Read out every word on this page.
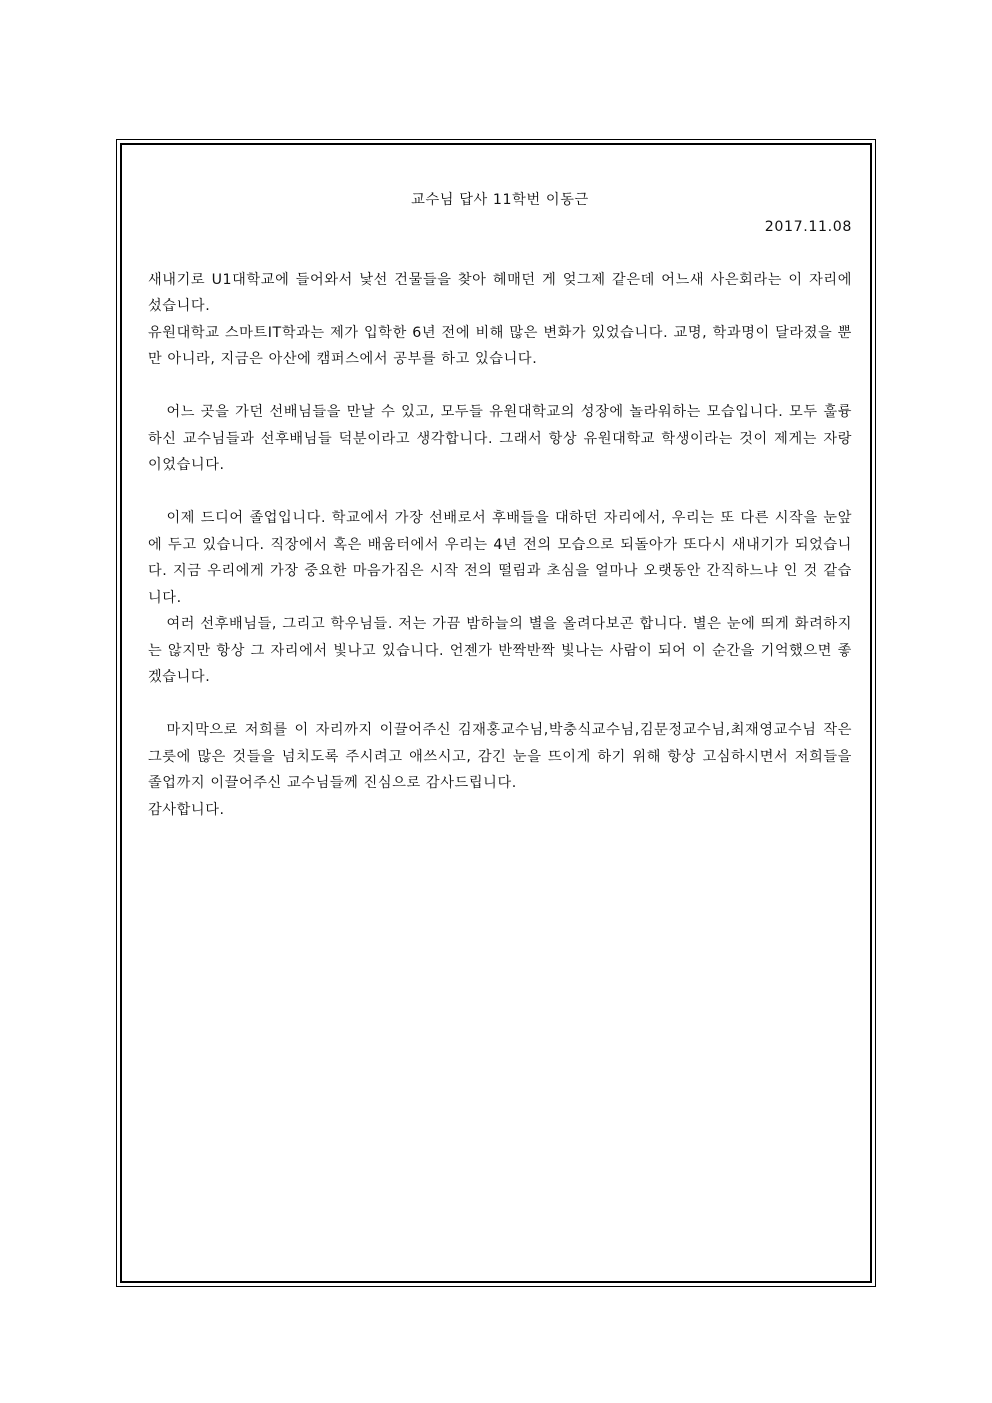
교수님 답사 11학번 이동근

2017.11.08

새내기로 U1대학교에 들어와서 낯선 건물들을 찾아 헤매던 게 엊그제 같은데 어느새 사은회라는 이 자리에 섰습니다.

유원대학교 스마트IT학과는 제가 입학한 6년 전에 비해 많은 변화가 있었습니다. 교명, 학과명이 달라졌을 뿐만 아니라, 지금은 아산에 캠퍼스에서 공부를 하고 있습니다.

어느 곳을 가던 선배님들을 만날 수 있고, 모두들 유원대학교의 성장에 놀라워하는 모습입니다. 모두 훌륭하신 교수님들과 선후배님들 덕분이라고 생각합니다. 그래서 항상 유원대학교 학생이라는 것이 제게는 자랑이었습니다.

이제 드디어 졸업입니다. 학교에서 가장 선배로서 후배들을 대하던 자리에서, 우리는 또 다른 시작을 눈앞에 두고 있습니다. 직장에서 혹은 배움터에서 우리는 4년 전의 모습으로 되돌아가 또다시 새내기가 되었습니다. 지금 우리에게 가장 중요한 마음가짐은 시작 전의 떨림과 초심을 얼마나 오랫동안 간직하느냐 인 것 같습니다.

여러 선후배님들, 그리고 학우님들. 저는 가끔 밤하늘의 별을 올려다보곤 합니다. 별은 눈에 띄게 화려하지는 않지만 항상 그 자리에서 빛나고 있습니다. 언젠가 반짝반짝 빛나는 사람이 되어 이 순간을 기억했으면 좋겠습니다.

마지막으로 저희를 이 자리까지 이끌어주신 김재홍교수님,박충식교수님,김문정교수님,최재영교수님 작은 그릇에 많은 것들을 넘치도록 주시려고 애쓰시고, 감긴 눈을 뜨이게 하기 위해 항상 고심하시면서 저희들을 졸업까지 이끌어주신 교수님들께 진심으로 감사드립니다.

감사합니다.
